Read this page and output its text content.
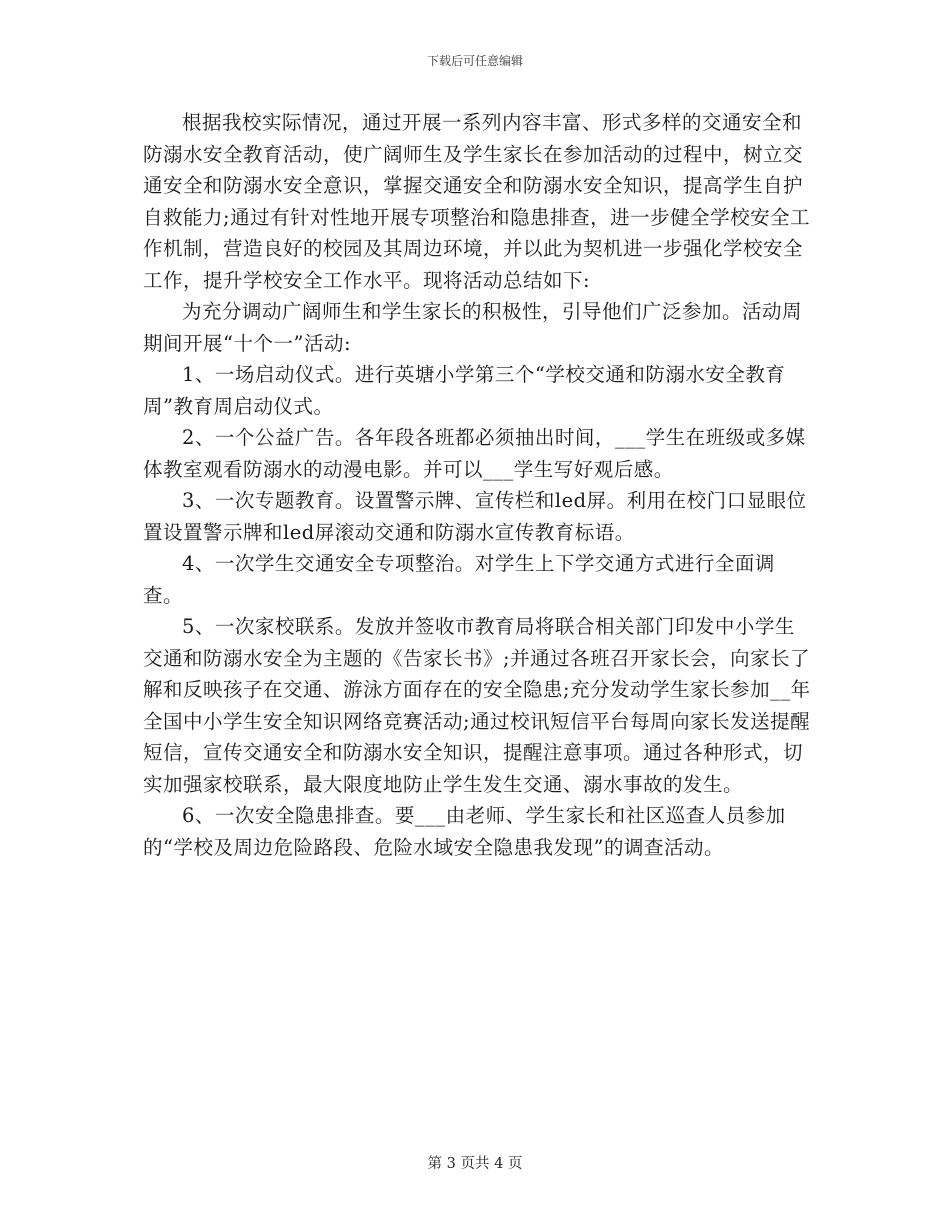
下载后可任意编辑

根据我校实际情况，通过开展一系列内容丰富、形式多样的交通安全和防溺水安全教育活动，使广阔师生及学生家长在参加活动的过程中，树立交通安全和防溺水安全意识，掌握交通安全和防溺水安全知识，提高学生自护自救能力;通过有针对性地开展专项整治和隐患排查，进一步健全学校安全工作机制，营造良好的校园及其周边环境，并以此为契机进一步强化学校安全工作，提升学校安全工作水平。现将活动总结如下:

为充分调动广阔师生和学生家长的积极性，引导他们广泛参加。活动周期间开展“十个一”活动:

1、一场启动仪式。进行英塘小学第三个“学校交通和防溺水安全教育周”教育周启动仪式。

2、一个公益广告。各年段各班都必须抽出时间，___学生在班级或多媒体教室观看防溺水的动漫电影。并可以___学生写好观后感。

3、一次专题教育。设置警示牌、宣传栏和led屏。利用在校门口显眼位置设置警示牌和led屏滚动交通和防溺水宣传教育标语。

4、一次学生交通安全专项整治。对学生上下学交通方式进行全面调查。

5、一次家校联系。发放并签收市教育局将联合相关部门印发中小学生交通和防溺水安全为主题的《告家长书》;并通过各班召开家长会，向家长了解和反映孩子在交通、游泳方面存在的安全隐患;充分发动学生家长参加__年全国中小学生安全知识网络竞赛活动;通过校讯短信平台每周向家长发送提醒短信，宣传交通安全和防溺水安全知识，提醒注意事项。通过各种形式，切实加强家校联系，最大限度地防止学生发生交通、溺水事故的发生。

6、一次安全隐患排查。要___由老师、学生家长和社区巡查人员参加的“学校及周边危险路段、危险水域安全隐患我发现”的调查活动。

第 3 页共 4 页
